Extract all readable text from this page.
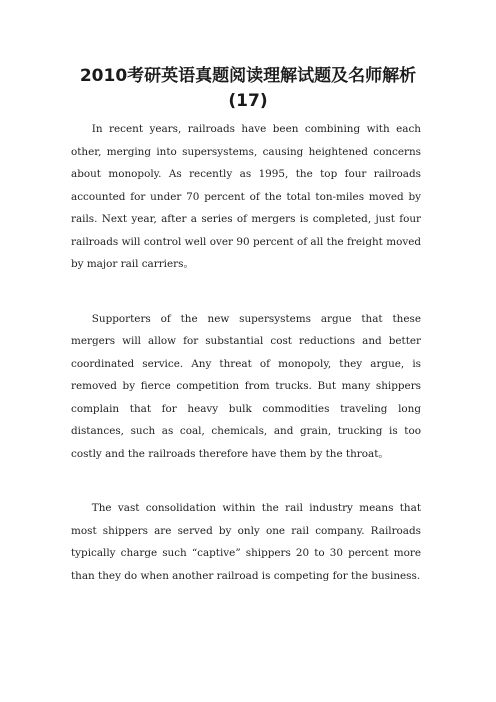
2010考研英语真题阅读理解试题及名师解析(17)

In recent years, railroads have been combining with each other, merging into supersystems, causing heightened concerns about monopoly. As recently as 1995, the top four railroads accounted for under 70 percent of the total ton-miles moved by rails. Next year, after a series of mergers is completed, just four railroads will control well over 90 percent of all the freight moved by major rail carriers。

Supporters of the new supersystems argue that these mergers will allow for substantial cost reductions and better coordinated service. Any threat of monopoly, they argue, is removed by fierce competition from trucks. But many shippers complain that for heavy bulk commodities traveling long distances, such as coal, chemicals, and grain, trucking is too costly and the railroads therefore have them by the throat。

The vast consolidation within the rail industry means that most shippers are served by only one rail company. Railroads typically charge such “captive” shippers 20 to 30 percent more than they do when another railroad is competing for the business.
